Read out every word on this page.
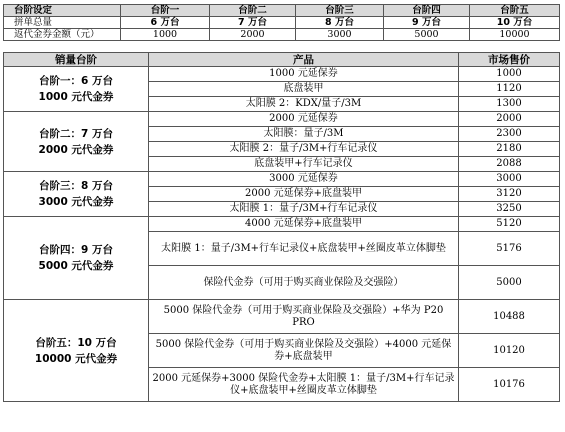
台阶设定	台阶一	台阶二	台阶三	台阶四	台阶五
拼单总量	6 万台	7 万台	8 万台	9 万台	10 万台
返代金券金额（元）	1000	2000	3000	5000	10000
销量台阶	产品	市场售价

台阶一：6 万台
1000 元代金券	1000 元延保券	1000
	底盘装甲	1120
	太阳膜 2：KDX/量子/3M	1300

台阶二：7 万台
2000 元代金券	2000 元延保券	2000
	太阳膜：量子/3M	2300
	太阳膜 2：量子/3M+行车记录仪	2180
	底盘装甲+行车记录仪	2088

台阶三：8 万台
3000 元代金券	3000 元延保券	3000
	2000 元延保券+底盘装甲	3120
	太阳膜 1：量子/3M+行车记录仪	3250

台阶四：9 万台
5000 元代金券	4000 元延保券+底盘装甲	5120
	太阳膜 1：量子/3M+行车记录仪+底盘装甲+丝圈皮革立体脚垫	5176
	保险代金券（可用于购买商业保险及交强险）	5000

台阶五：10 万台
10000 元代金券	5000 保险代金券（可用于购买商业保险及交强险）+华为 P20 PRO	10488
	5000 保险代金券（可用于购买商业保险及交强险）+4000 元延保券+底盘装甲	10120
	2000 元延保券+3000 保险代金券+太阳膜 1：量子/3M+行车记录仪+底盘装甲+丝圈皮革立体脚垫	10176
